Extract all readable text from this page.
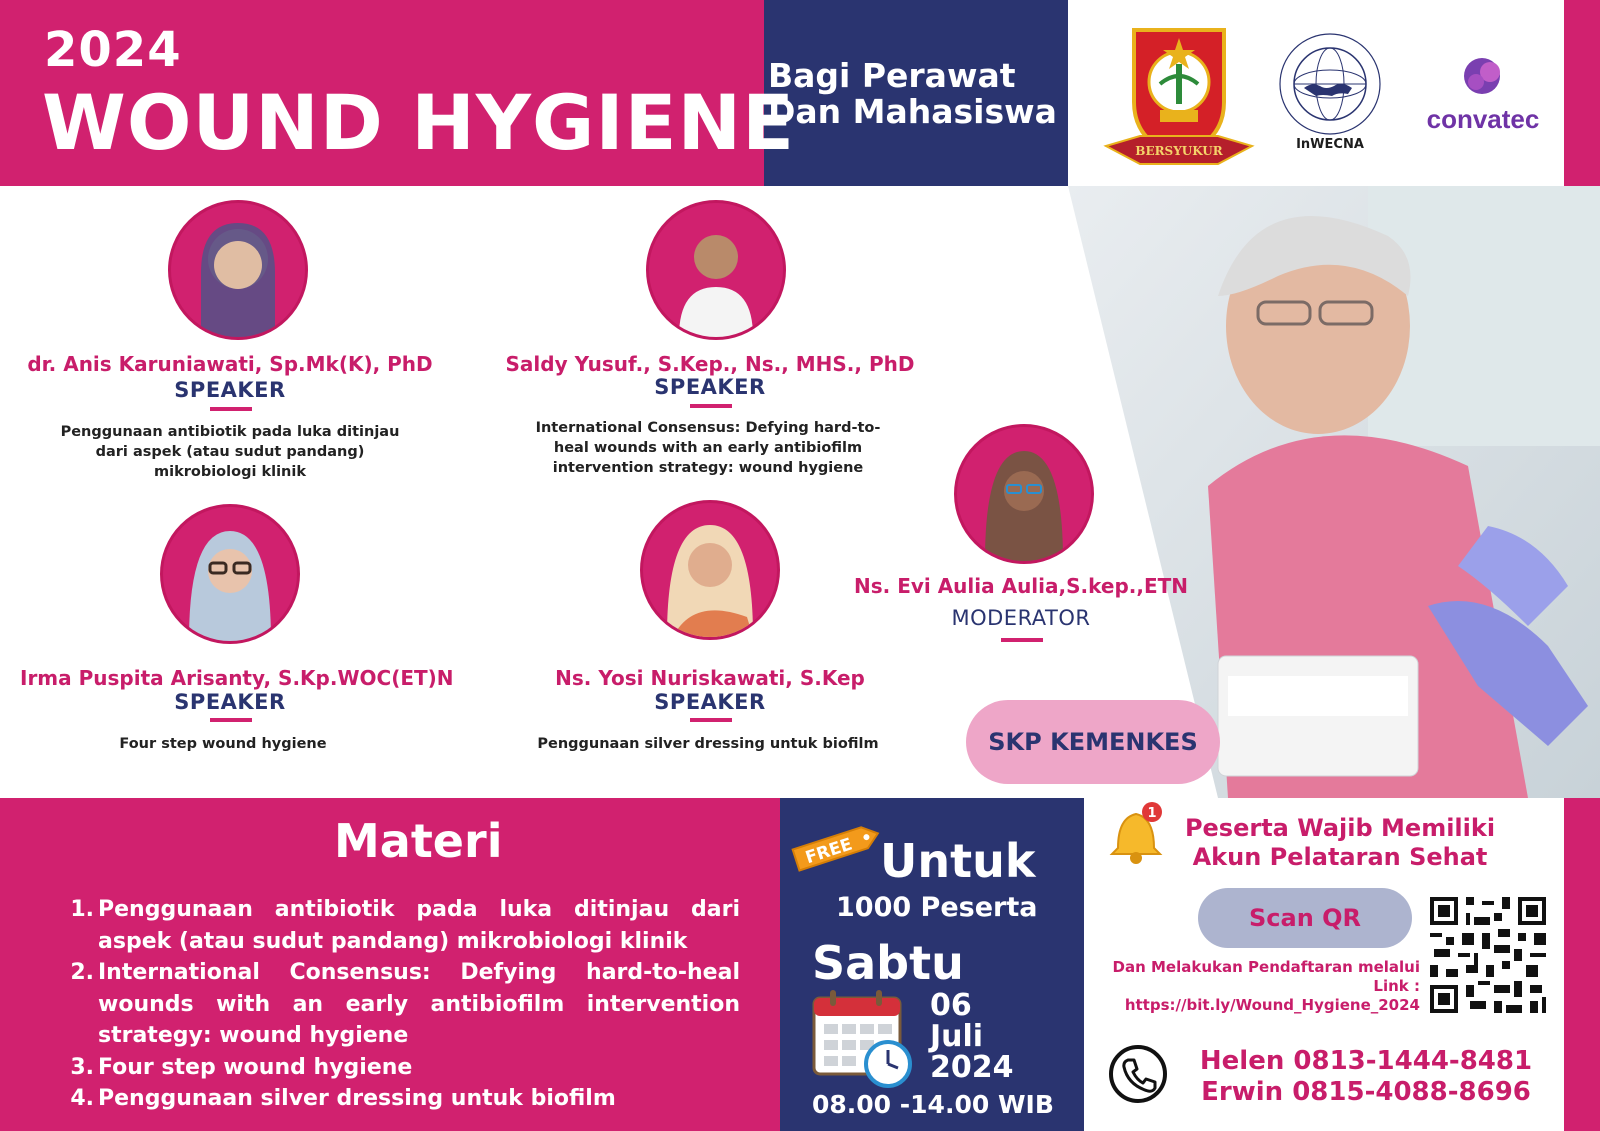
2024
WOUND HYGIENE
Bagi Perawat
Dan Mahasiswa
BERSYUKUR	InWECNA
convatec
dr. Anis Karuniawati, Sp.Mk(K), PhD
SPEAKER
Penggunaan antibiotik pada luka ditinjau dari aspek (atau sudut pandang) mikrobiologi klinik
Saldy Yusuf., S.Kep., Ns., MHS., PhD
SPEAKER
International Consensus: Defying hard-to-heal wounds with an early antibiofilm intervention strategy: wound hygiene
Irma Puspita Arisanty, S.Kp.WOC(ET)N
SPEAKER
Four step wound hygiene
Ns. Yosi Nuriskawati, S.Kep
SPEAKER
Penggunaan silver dressing untuk biofilm
Ns. Evi Aulia Aulia,S.kep.,ETN
MODERATOR
SKP KEMENKES
Materi
1. Penggunaan antibiotik pada luka ditinjau dari aspek (atau sudut pandang) mikrobiologi klinik
2. International Consensus: Defying hard-to-heal wounds with an early antibiofilm intervention strategy: wound hygiene
3. Four step wound hygiene
4. Penggunaan silver dressing untuk biofilm
FREE Untuk
1000 Peserta
Sabtu
06
Juli
2024
08.00 -14.00 WIB
1
Peserta Wajib Memiliki Akun Pelataran Sehat
Scan QR
Dan Melakukan Pendaftaran melalui Link :
https://bit.ly/Wound_Hygiene_2024
Helen 0813-1444-8481
Erwin 0815-4088-8696
